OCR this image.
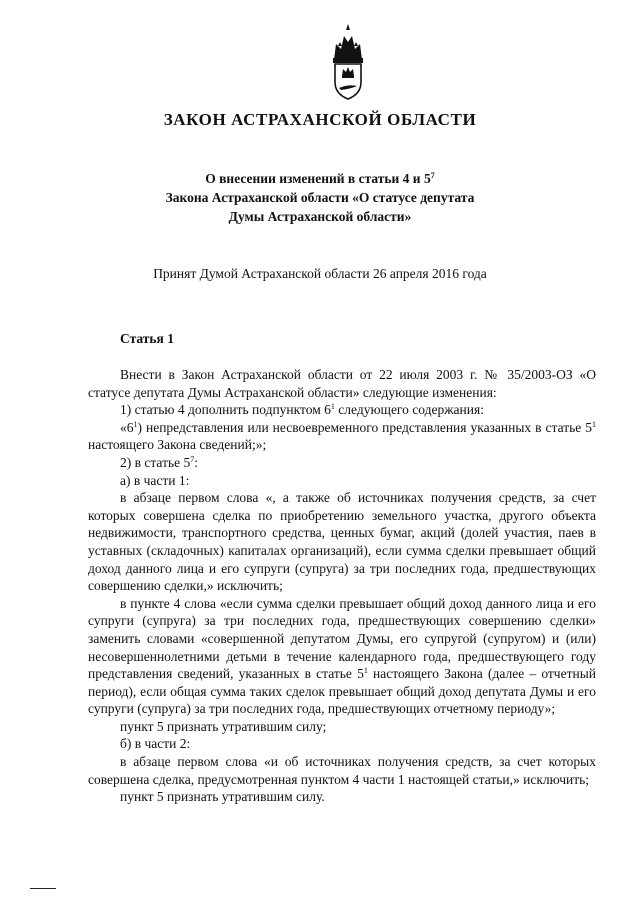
ЗАКОН АСТРАХАНСКОЙ ОБЛАСТИ
О внесении изменений в статьи 4 и $5^7$
Закона Астраханской области «О статусе депутата
Думы Астраханской области»
Принят Думой Астраханской области 26 апреля 2016 года
Статья 1

Внести в Закон Астраханской области от 22 июля 2003 г. № 35/2003-ОЗ «О статусе депутата Думы Астраханской области» следующие изменения:

1) статью 4 дополнить подпунктом $6^1$ следующего содержания:

«$6^1$) непредставления или несвоевременного представления указанных в статье $5^1$ настоящего Закона сведений;»;

2) в статье $5^7$:

а) в части 1:

в абзаце первом слова «, а также об источниках получения средств, за счет которых совершена сделка по приобретению земельного участка, другого объекта недвижимости, транспортного средства, ценных бумаг, акций (долей участия, паев в уставных (складочных) капиталах организаций), если сумма сделки превышает общий доход данного лица и его супруги (супруга) за три последних года, предшествующих совершению сделки,» исключить;

в пункте 4 слова «если сумма сделки превышает общий доход данного лица и его супруги (супруга) за три последних года, предшествующих совершению сделки» заменить словами «совершенной депутатом Думы, его супругой (супругом) и (или) несовершеннолетними детьми в течение календарного года, предшествующего году представления сведений, указанных в статье $5^1$ настоящего Закона (далее – отчетный период), если общая сумма таких сделок превышает общий доход депутата Думы и его супруги (супруга) за три последних года, предшествующих отчетному периоду»;

пункт 5 признать утратившим силу;

б) в части 2:

в абзаце первом слова «и об источниках получения средств, за счет которых совершена сделка, предусмотренная пунктом 4 части 1 настоящей статьи,» исключить;

пункт 5 признать утратившим силу.
